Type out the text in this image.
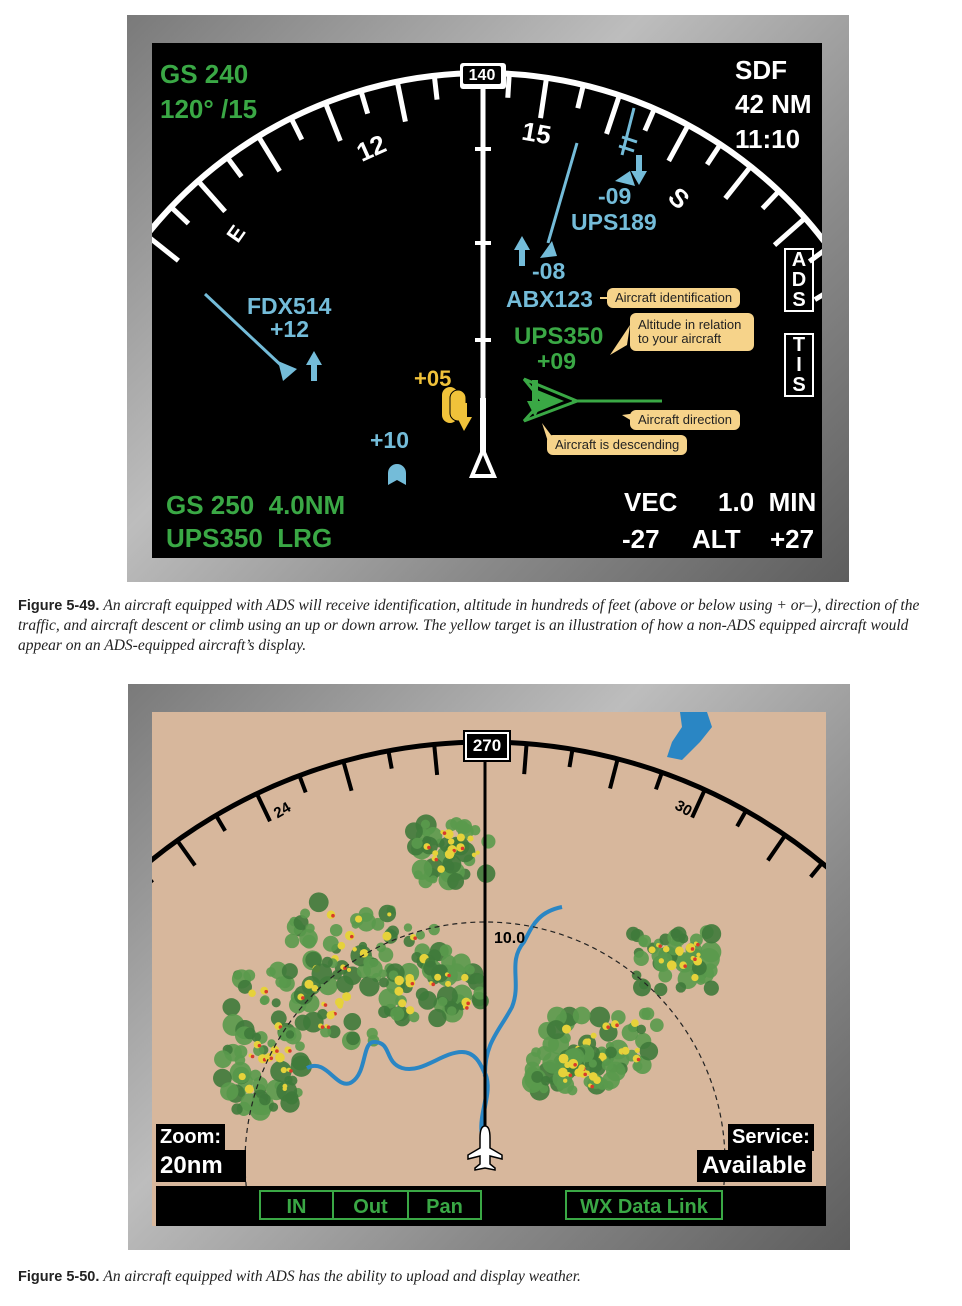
GS 240
120° /15
140	SDF
42 NM
11:10
12	15
S
E
A
D
S
T
I
S
FDX514
+12
-08
ABX123
-09
UPS189
UPS350
+09
+05
+10
Aircraft identification
Altitude in relation to your aircraft
Aircraft direction
Aircraft is descending
GS 250  4.0NM
UPS350  LRG
VEC 1.0  MIN
-27 ALT +27
Figure 5-49. An aircraft equipped with ADS will receive identification, altitude in hundreds of feet (above or below using + or–), direction of the traffic, and aircraft descent or climb using an up or down arrow. The yellow target is an illustration of how a non-ADS equipped aircraft would appear on an ADS-equipped aircraft’s display.
270
24	30
10.0
Zoom:
20nm
Service:
Available
IN	Out	Pan	WX Data Link
Figure 5-50. An aircraft equipped with ADS has the ability to upload and display weather.
